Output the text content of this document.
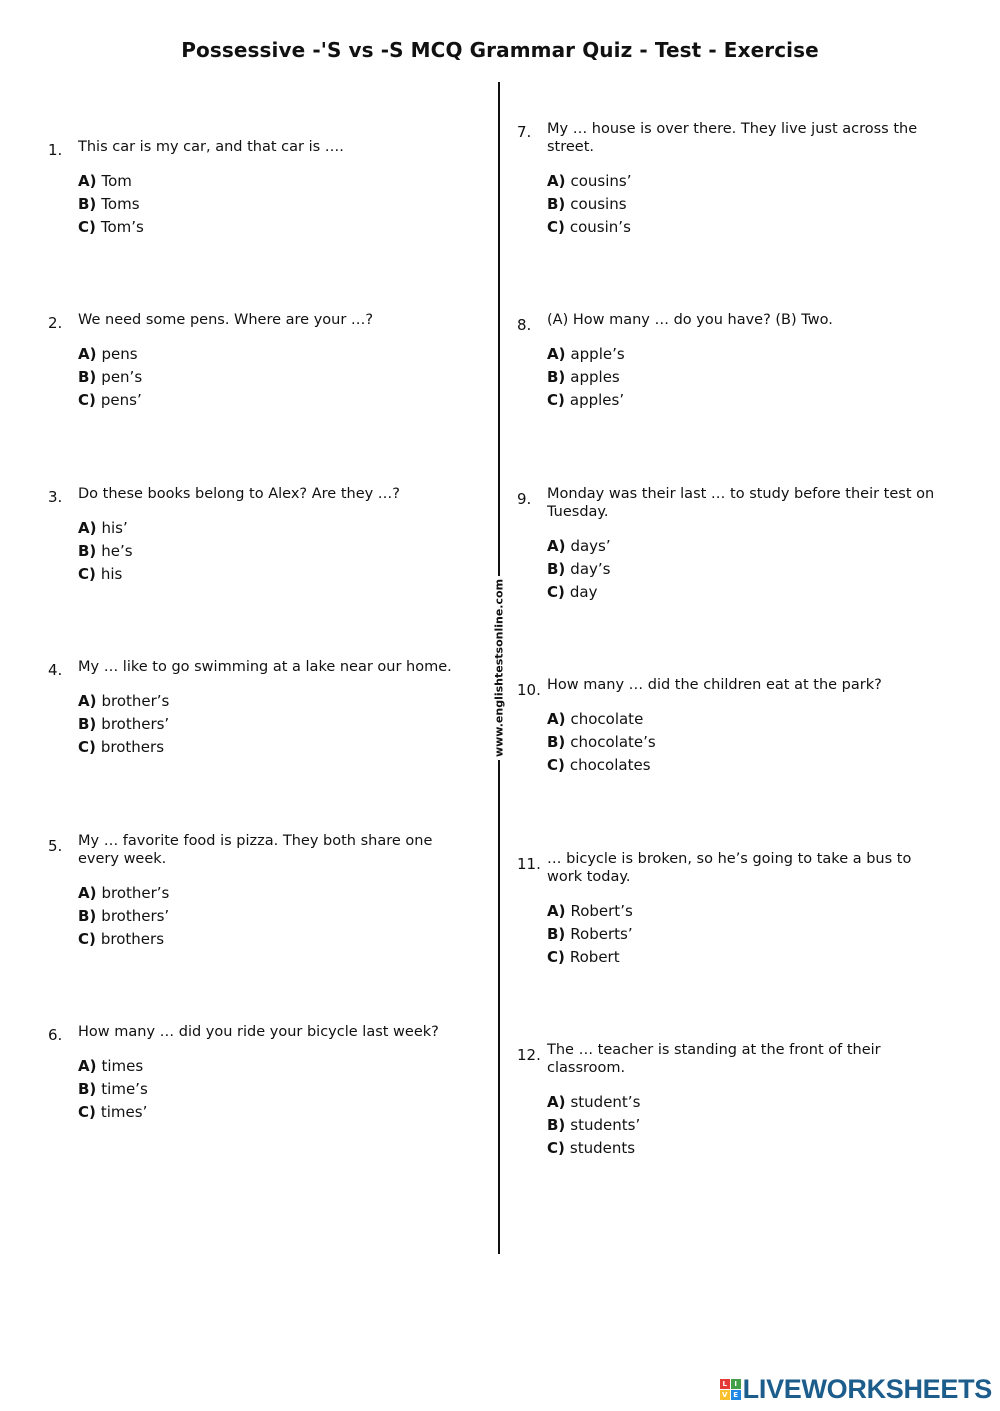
Possessive -'S vs -S MCQ Grammar Quiz - Test - Exercise
www.englishtestsonline.com
1. This car is my car, and that car is ….
A) Tom
B) Toms
C) Tom’s
2. We need some pens. Where are your …?
A) pens
B) pen’s
C) pens’
3. Do these books belong to Alex? Are they …?
A) his’
B) he’s
C) his
4. My … like to go swimming at a lake near our home.
A) brother’s
B) brothers’
C) brothers
5. My … favorite food is pizza. They both share one every week.
A) brother’s
B) brothers’
C) brothers
6. How many … did you ride your bicycle last week?
A) times
B) time’s
C) times’
7. My … house is over there. They live just across the street.
A) cousins’
B) cousins
C) cousin’s
8. (A) How many … do you have? (B) Two.
A) apple’s
B) apples
C) apples’
9. Monday was their last … to study before their test on Tuesday.
A) days’
B) day’s
C) day
10. How many … did the children eat at the park?
A) chocolate
B) chocolate’s
C) chocolates
11. … bicycle is broken, so he’s going to take a bus to work today.
A) Robert’s
B) Roberts’
C) Robert
12. The … teacher is standing at the front of their classroom.
A) student’s
B) students’
C) students
L	I
V E LIVEWORKSHEETS
